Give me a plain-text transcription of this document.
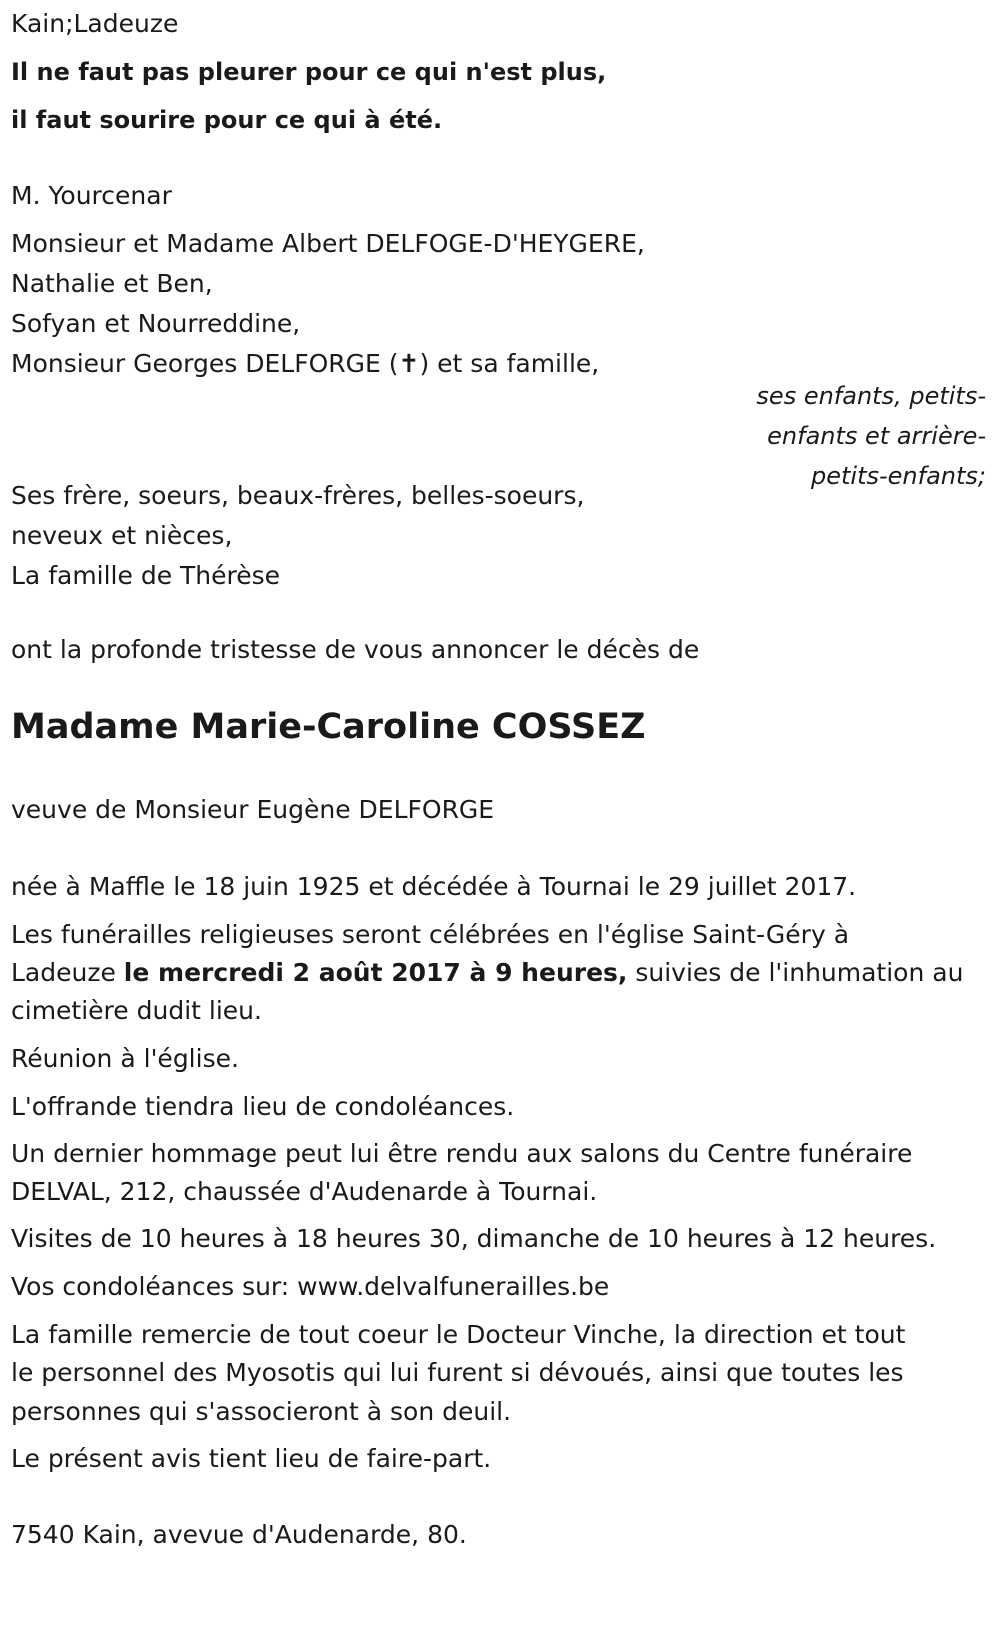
Kain;Ladeuze
Il ne faut pas pleurer pour ce qui n'est plus,
il faut sourire pour ce qui à été.
M. Yourcenar
Monsieur et Madame Albert DELFOGE-D'HEYGERE,
Nathalie et Ben,
Sofyan et Nourreddine,
Monsieur Georges DELFORGE (✝) et sa famille,
ses enfants, petits-
enfants et arrière-
petits-enfants;
Ses frère, soeurs, beaux-frères, belles-soeurs,
neveux et nièces,
La famille de Thérèse
ont la profonde tristesse de vous annoncer le décès de
Madame Marie-Caroline COSSEZ
veuve de Monsieur Eugène DELFORGE
née à Maffle le 18 juin 1925 et décédée à Tournai le 29 juillet 2017.
Les funérailles religieuses seront célébrées en l'église Saint-Géry à
Ladeuze le mercredi 2 août 2017 à 9 heures, suivies de l'inhumation au
cimetière dudit lieu.
Réunion à l'église.
L'offrande tiendra lieu de condoléances.
Un dernier hommage peut lui être rendu aux salons du Centre funéraire
DELVAL, 212, chaussée d'Audenarde à Tournai.
Visites de 10 heures à 18 heures 30, dimanche de 10 heures à 12 heures.
Vos condoléances sur: www.delvalfunerailles.be
La famille remercie de tout coeur le Docteur Vinche, la direction et tout
le personnel des Myosotis qui lui furent si dévoués, ainsi que toutes les
personnes qui s'associeront à son deuil.
Le présent avis tient lieu de faire-part.
7540 Kain, avevue d'Audenarde, 80.
